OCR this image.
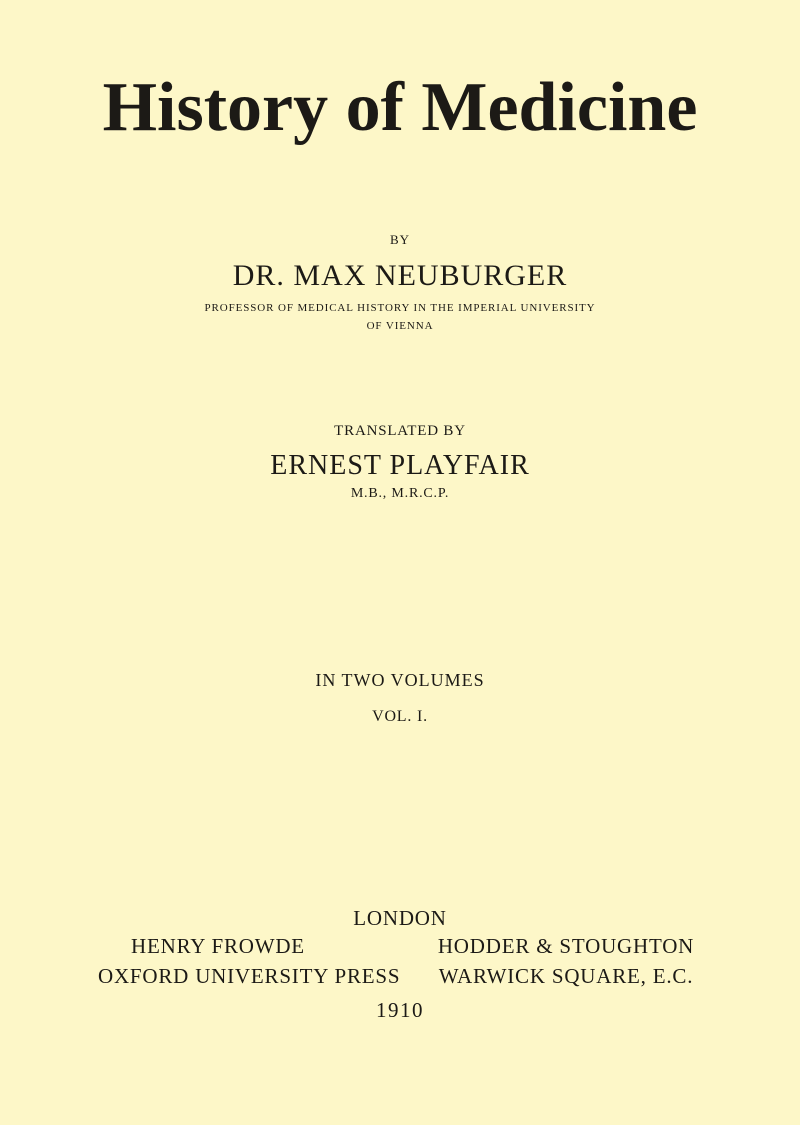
History of Medicine
BY
DR. MAX NEUBURGER
PROFESSOR OF MEDICAL HISTORY IN THE IMPERIAL UNIVERSITY
OF VIENNA
TRANSLATED BY
ERNEST PLAYFAIR
M.B., M.R.C.P.
IN TWO VOLUMES
VOL. I.
LONDON
HENRY FROWDE	HODDER & STOUGHTON
OXFORD UNIVERSITY PRESS	WARWICK SQUARE, E.C.
1910
